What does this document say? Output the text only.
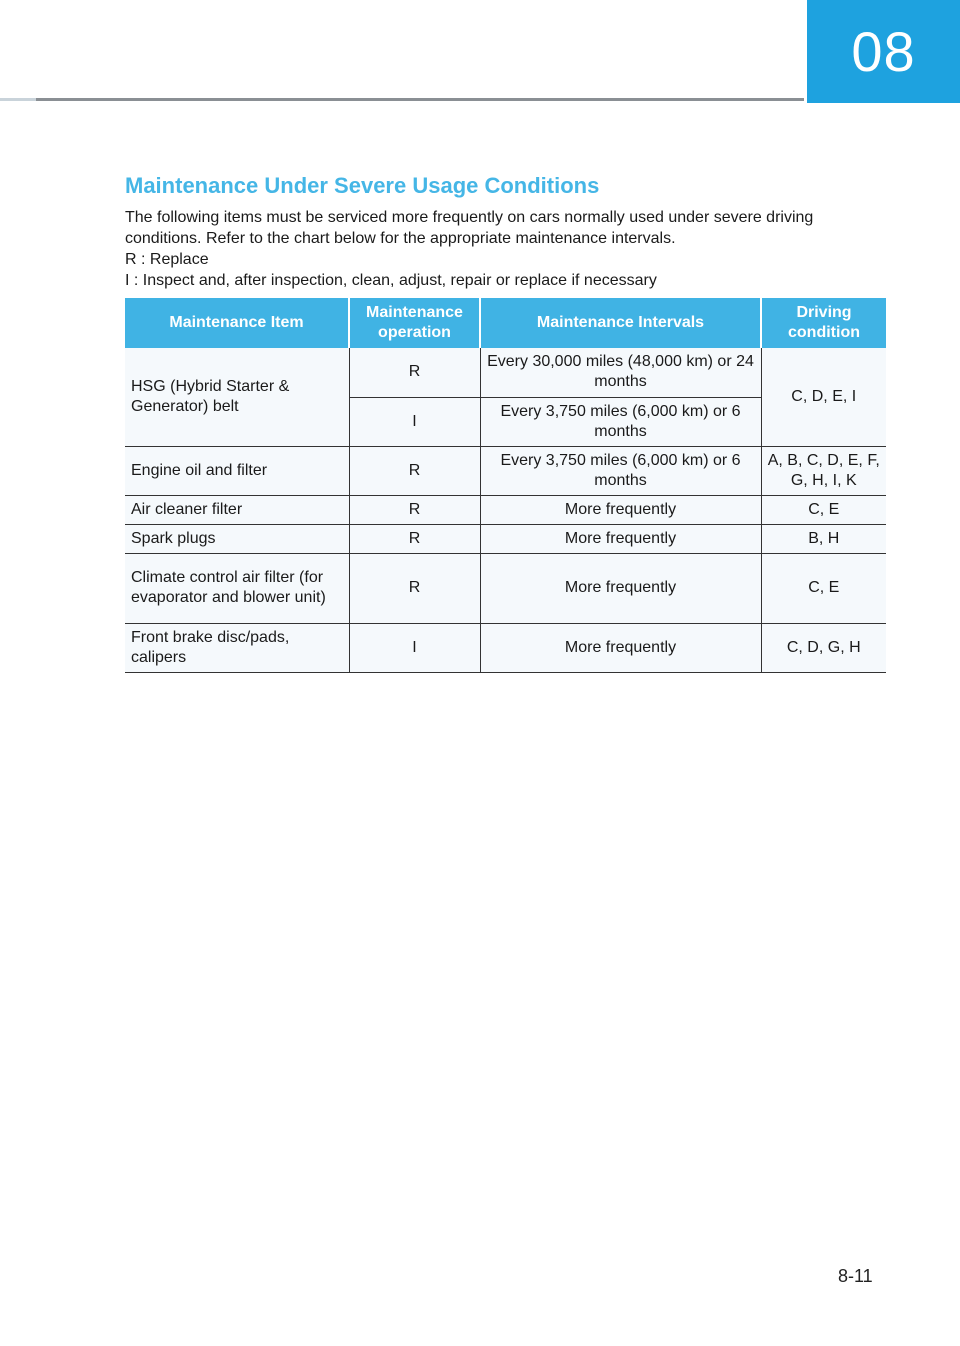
08
Maintenance Under Severe Usage Conditions

The following items must be serviced more frequently on cars normally used under severe driving conditions. Refer to the chart below for the appropriate maintenance intervals.

R : Replace

I : Inspect and, after inspection, clean, adjust, repair or replace if necessary

Maintenance Item	Maintenance operation	Maintenance Intervals	Driving condition
HSG (Hybrid Starter & Generator) belt	R	Every 30,000 miles (48,000 km) or 24 months	C, D, E, I
	I	Every 3,750 miles (6,000 km) or 6 months	
Engine oil and filter	R	Every 3,750 miles (6,000 km) or 6 months	A, B, C, D, E, F, G, H, I, K
Air cleaner filter	R	More frequently	C, E
Spark plugs	R	More frequently	B, H
Climate control air filter (for evaporator and blower unit)	R	More frequently	C, E
Front brake disc/pads, calipers	I	More frequently	C, D, G, H
8-11
